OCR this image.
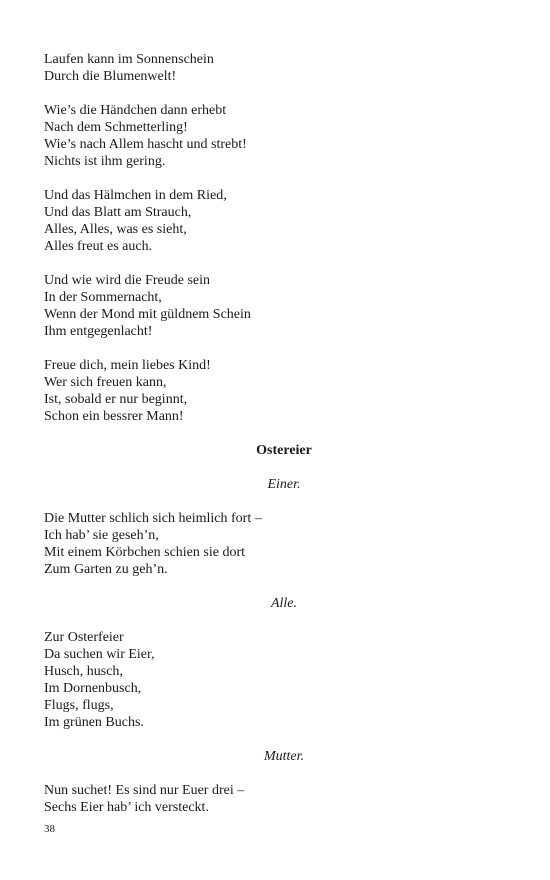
Laufen kann im Sonnenschein
Durch die Blumenwelt!
Wie’s die Händchen dann erhebt
Nach dem Schmetterling!
Wie’s nach Allem hascht und strebt!
Nichts ist ihm gering.
Und das Hälmchen in dem Ried,
Und das Blatt am Strauch,
Alles, Alles, was es sieht,
Alles freut es auch.
Und wie wird die Freude sein
In der Sommernacht,
Wenn der Mond mit güldnem Schein
Ihm entgegenlacht!
Freue dich, mein liebes Kind!
Wer sich freuen kann,
Ist, sobald er nur beginnt,
Schon ein bessrer Mann!
Ostereier
Einer.
Die Mutter schlich sich heimlich fort –
Ich hab’ sie geseh’n,
Mit einem Körbchen schien sie dort
Zum Garten zu geh’n.
Alle.
Zur Osterfeier
Da suchen wir Eier,
Husch, husch,
Im Dornenbusch,
Flugs, flugs,
Im grünen Buchs.
Mutter.
Nun suchet! Es sind nur Euer drei –
Sechs Eier hab’ ich versteckt.
38
